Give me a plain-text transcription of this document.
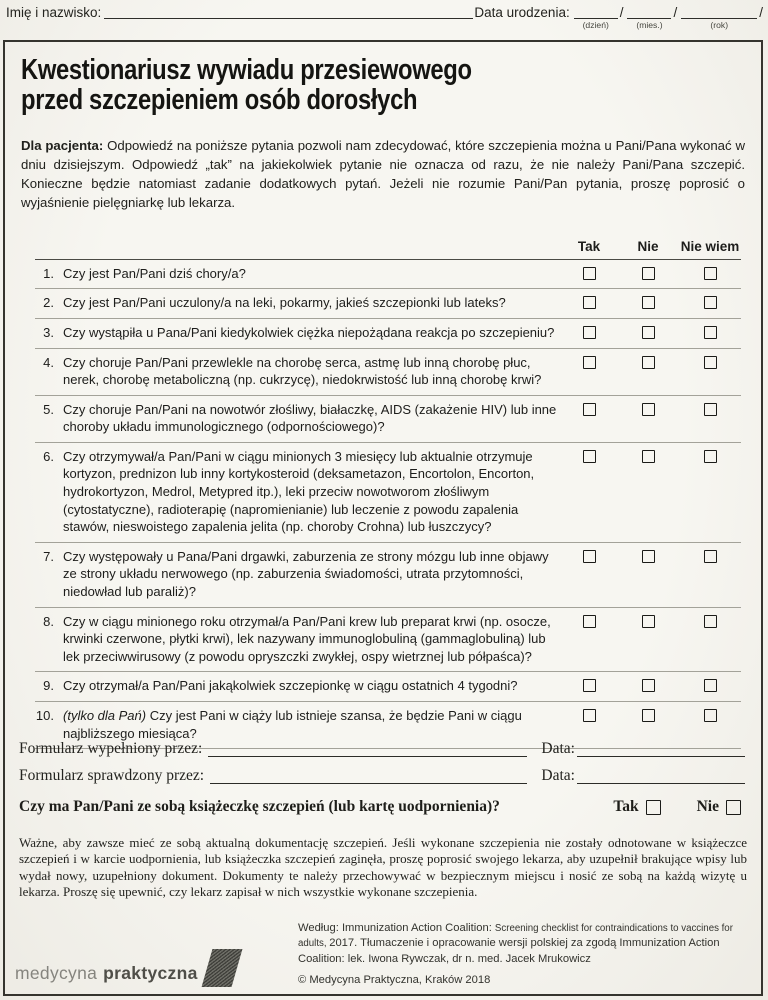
Imię i nazwisko:	Data urodzenia:
(dzień)
/
(mies.)
/
(rok)
/
Kwestionariusz wywiadu przesiewowego
przed szczepieniem osób dorosłych

Dla pacjenta: Odpowiedź na poniższe pytania pozwoli nam zdecydować, które szczepienia można u Pani/Pana wykonać w dniu dzisiejszym. Odpowiedź „tak” na jakiekolwiek pytanie nie oznacza od razu, że nie należy Pani/Pana szczepić. Konieczne będzie natomiast zadanie dodatkowych pytań. Jeżeli nie rozumie Pani/Pan pytania, proszę poprosić o wyjaśnienie pielęgniarkę lub lekarza.

Tak	Nie	Nie wiem
1. Czy jest Pan/Pani dziś chory/a?
2. Czy jest Pan/Pani uczulony/a na leki, pokarmy, jakieś szczepionki lub lateks?
3. Czy wystąpiła u Pana/Pani kiedykolwiek ciężka niepożądana reakcja po szczepieniu?
4. Czy choruje Pan/Pani przewlekle na chorobę serca, astmę lub inną chorobę płuc, nerek, chorobę metaboliczną (np. cukrzycę), niedokrwistość lub inną chorobę krwi?
5. Czy choruje Pan/Pani na nowotwór złośliwy, białaczkę, AIDS (zakażenie HIV) lub inne choroby układu immunologicznego (odpornościowego)?
6. Czy otrzymywał/a Pan/Pani w ciągu minionych 3 miesięcy lub aktualnie otrzymuje kortyzon, prednizon lub inny kortykosteroid (deksametazon, Encortolon, Encorton, hydrokortyzon, Medrol, Metypred itp.), leki przeciw nowotworom złośliwym (cytostatyczne), radioterapię (napromienianie) lub leczenie z powodu zapalenia stawów, nieswoistego zapalenia jelita (np. choroby Crohna) lub łuszczycy?
7. Czy występowały u Pana/Pani drgawki, zaburzenia ze strony mózgu lub inne objawy ze strony układu nerwowego (np. zaburzenia świadomości, utrata przytomności, niedowład lub paraliż)?
8. Czy w ciągu minionego roku otrzymał/a Pan/Pani krew lub preparat krwi (np. osocze, krwinki czerwone, płytki krwi), lek nazywany immunoglobuliną (gammaglobuliną) lub lek przeciwwirusowy (z powodu opryszczki zwykłej, ospy wietrznej lub półpaśca)?
9. Czy otrzymał/a Pan/Pani jakąkolwiek szczepionkę w ciągu ostatnich 4 tygodni?
10. (tylko dla Pań) Czy jest Pani w ciąży lub istnieje szansa, że będzie Pani w ciągu najbliższego miesiąca?
Formularz wypełniony przez:	Data:
Formularz sprawdzony przez:	Data:
Czy ma Pan/Pani ze sobą książeczkę szczepień (lub kartę uodpornienia)?	Tak	Nie

Ważne, aby zawsze mieć ze sobą aktualną dokumentację szczepień. Jeśli wykonane szczepienia nie zostały odnotowane w książeczce szczepień i w karcie uodpornienia, lub książeczka szczepień zaginęła, proszę poprosić swojego lekarza, aby uzupełnił brakujące wpisy lub wydał nowy, uzupełniony dokument. Dokumenty te należy przechowywać w bezpiecznym miejscu i nosić ze sobą na każdą wizytę u lekarza. Proszę się upewnić, czy lekarz zapisał w nich wszystkie wykonane szczepienia.

medycyna praktyczna
Według: Immunization Action Coalition: Screening checklist for contraindications to vaccines for adults, 2017. Tłumaczenie i opracowanie wersji polskiej za zgodą Immunization Action Coalition: lek. Iwona Rywczak, dr n. med. Jacek Mrukowicz
© Medycyna Praktyczna, Kraków 2018
